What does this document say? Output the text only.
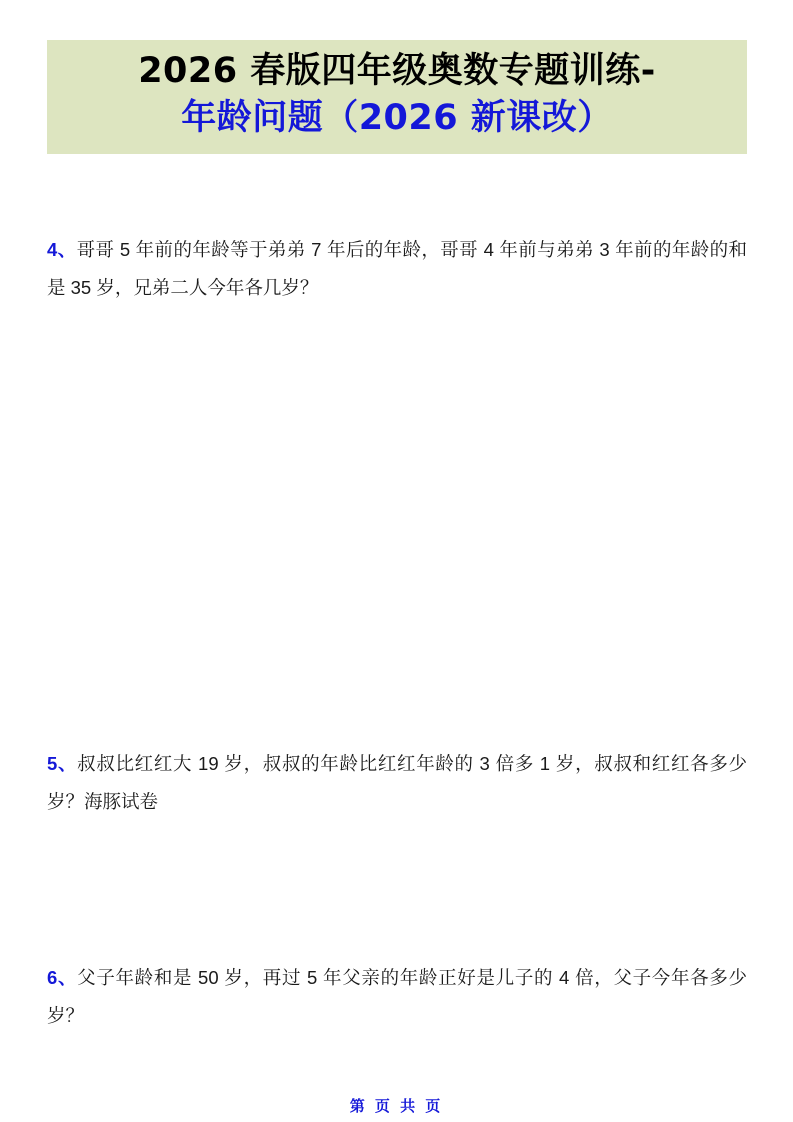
2026 春版四年级奥数专题训练-
年龄问题（2026 新课改）

4、哥哥 5 年前的年龄等于弟弟 7 年后的年龄，哥哥 4 年前与弟弟 3 年前的年龄的和是 35 岁，兄弟二人今年各几岁？

5、叔叔比红红大 19 岁，叔叔的年龄比红红年龄的 3 倍多 1 岁，叔叔和红红各多少岁？海豚试卷

6、父子年龄和是 50 岁，再过 5 年父亲的年龄正好是儿子的 4 倍，父子今年各多少岁？

第 页 共 页
